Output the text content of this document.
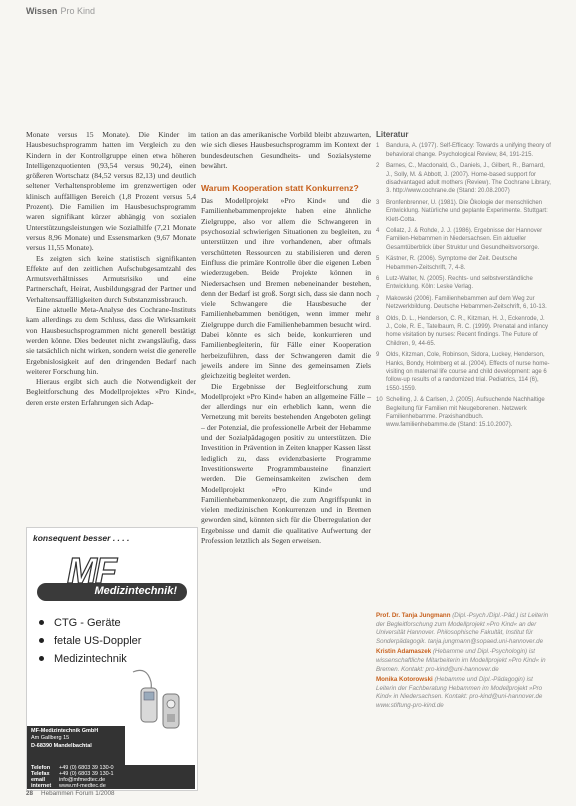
Wissen Pro Kind

Monate versus 15 Monate). Die Kinder im Hausbesuchsprogramm hatten im Vergleich zu den Kindern in der Kontrollgruppe einen etwa höheren Intelligenzquotienten (93,54 versus 90,24), einen größeren Wortschatz (84,52 versus 82,13) und deutlich seltener Verhaltensprobleme im grenzwertigen oder klinisch auffälligen Bereich (1,8 Prozent versus 5,4 Prozent). Die Familien im Hausbesuchsprogramm waren signifikant kürzer abhängig von sozialen Unterstützungsleistungen wie Sozialhilfe (7,21 Monate versus 8,96 Monate) und Essensmarken (9,67 Monate versus 11,55 Monate).

Es zeigten sich keine statistisch signifikanten Effekte auf den zeitlichen Aufschubgesamtzahl des Armutsverhältnisses Armutsrisiko und eine Partnerschaft, Heirat, Ausbildungsgrad der Partner und Verhaltensauffälligkeiten durch Substanzmissbrauch.

Eine aktuelle Meta-Analyse des Cochrane-Instituts kam allerdings zu dem Schluss, dass die Wirksamkeit von Hausbesuchsprogrammen nicht generell bestätigt werden könne. Dies bedeutet nicht zwangsläufig, dass sie tatsächlich nicht wirken, sondern weist die generelle Ergebnislosigkeit auf den dringenden Bedarf nach weiterer Forschung hin.

Hieraus ergibt sich auch die Notwendigkeit der Begleitforschung des Modellprojektes »Pro Kind«, deren erste ersten Erfahrungen sich Adap-

tation an das amerikanische Vorbild bleibt abzuwarten, wie sich dieses Hausbesuchsprogramm im Kontext der bundesdeutschen Gesundheits- und Sozialsysteme bewährt.

Warum Kooperation statt Konkurrenz?

Das Modellprojekt »Pro Kind« und die Familienhebammenprojekte haben eine ähnliche Zielgruppe, also vor allem die Schwangeren in psychosozial schwierigen Situationen zu begleiten, zu unterstützen und ihre vorhandenen, aber oftmals verschütteten Ressourcen zu stabilisieren und deren Einfluss die primäre Kontrolle über die eigenen Leben wiederzugeben. Beide Projekte können in Niedersachsen und Bremen nebeneinander bestehen, denn der Bedarf ist groß. Sorgt sich, dass sie dann noch viele Schwangere die Hausbesuche der Familienhebammen benötigen, wenn immer mehr Zielgruppe durch die Familienhebammen besucht wird. Dabei könnte es sich beide, konkurrieren und Familienbegleiterin, für Fälle einer Kooperation herbeizuführen, dass der Schwangeren damit die jeweils andere im Sinne des gemeinsamen Ziels gleichzeitig begleitet werden.

Die Ergebnisse der Begleitforschung zum Modellprojekt »Pro Kind« haben an allgemeine Fälle – der allerdings nur ein erheblich kann, wenn die Vernetzung mit bereits bestehenden Angeboten gelingt – der Potenzial, die professionelle Arbeit der Hebamme und der Sozialpädagogen positiv zu unterstützen. Die Investition in Prävention in Zeiten knapper Kassen lässt lediglich zu, dass evidenzbasierte Programme Investitionswerte Programmbausteine finanziert werden. Die Gemeinsamkeiten zwischen dem Modellprojekt »Pro Kind« und Familienhebammenkonzept, die zum Angriffspunkt in vielen medizinischen Konkurrenzen und in Bremen geworden sind, könnten sich für die Überregulation der Ergebnisse und damit die qualitative Aufwertung der Profession letztlich als Segen erweisen.

Literatur
1	Bandura, A. (1977). Self-Efficacy: Towards a unifying theory of behavioral change. Psychological Review, 84, 191-215.
2	Barnes, C., Macdonald, G., Daniels, J., Gilbert, R., Barnard, J., Solly, M. & Abbott, J. (2007). Home-based support for disadvantaged adult mothers (Review). The Cochrane Library, 3. http://www.cochrane.de (Stand: 20.08.2007)
3	Bronfenbrenner, U. (1981). Die Ökologie der menschlichen Entwicklung. Natürliche und geplante Experimente. Stuttgart: Klett-Cotta.
4	Collatz, J. & Rohde, J. J. (1986). Ergebnisse der Hannover Familien-Hebammen in Niedersachsen. Ein aktueller Gesamtüberblick über Struktur und Gesundheitsvorsorge.
5	Kästner, R. (2006). Symptome der Zeit. Deutsche Hebammen-Zeitschrift, 7, 4-8.
6	Lutz-Walter, N. (2005). Rechts- und selbstverständliche Entwicklung. Köln: Leske Verlag.
7	Makowski (2006). Familienhebammen auf dem Weg zur Netzwerkbildung. Deutsche Hebammen-Zeitschrift, 6, 10-13.
8	Olds, D. L., Henderson, C. R., Kitzman, H. J., Eckenrode, J. J., Cole, R. E., Tatelbaum, R. C. (1999). Prenatal and infancy home visitation by nurses: Recent findings. The Future of Children, 9, 44-65.
9	Olds, Kitzman, Cole, Robinson, Sidora, Luckey, Henderson, Hanks, Bondy, Holmberg et al. (2004). Effects of nurse home-visiting on maternal life course and child development: age 6 follow-up results of a randomized trial. Pediatrics, 114 (6), 1550-1559.
10 Schelling, J. & Carlsen, J. (2005). Aufsuchende Nachhaltige Begleitung für Familien mit Neugeborenen. Netzwerk Familienhebamme. Praxishandbuch. www.familienhebamme.de (Stand: 15.10.2007).

Prof. Dr. Tanja Jungmann (Dipl.-Psych./Dipl.-Päd.) ist Leiterin der Begleitforschung zum Modellprojekt »Pro Kind« an der Universität Hannover. Philosophische Fakultät, Institut für Sonderpädagogik. tanja.jungmann@sopaed.uni-hannover.de

Kristin Adamaszek (Hebamme und Dipl.-Psychologin) ist wissenschaftliche Mitarbeiterin im Modellprojekt »Pro Kind« in Bremen. Kontakt: pro-kind@uni-hannover.de

Monika Kotorowski (Hebamme und Dipl.-Pädagogin) ist Leiterin der Fachberatung Hebammen im Modellprojekt »Pro Kind« in Niedersachsen. Kontakt: pro-kind@uni-hannover.de www.stiftung-pro-kind.de

konsequent besser . . . .
Medizintechnik!
MF
CTG - Geräte
fetale US-Doppler
Medizintechnik
MF-Medizintechnik GmbH
Am Gallberg 15
D-68390 Mandelbachtal
Telefon	+49 (0) 6803 39 130-0
Telefax	+49 (0) 6803 39 130-1
email	info@mfmedtec.de
internet	www.mf-medtec.de
28 Hebammen Forum 1/2008
